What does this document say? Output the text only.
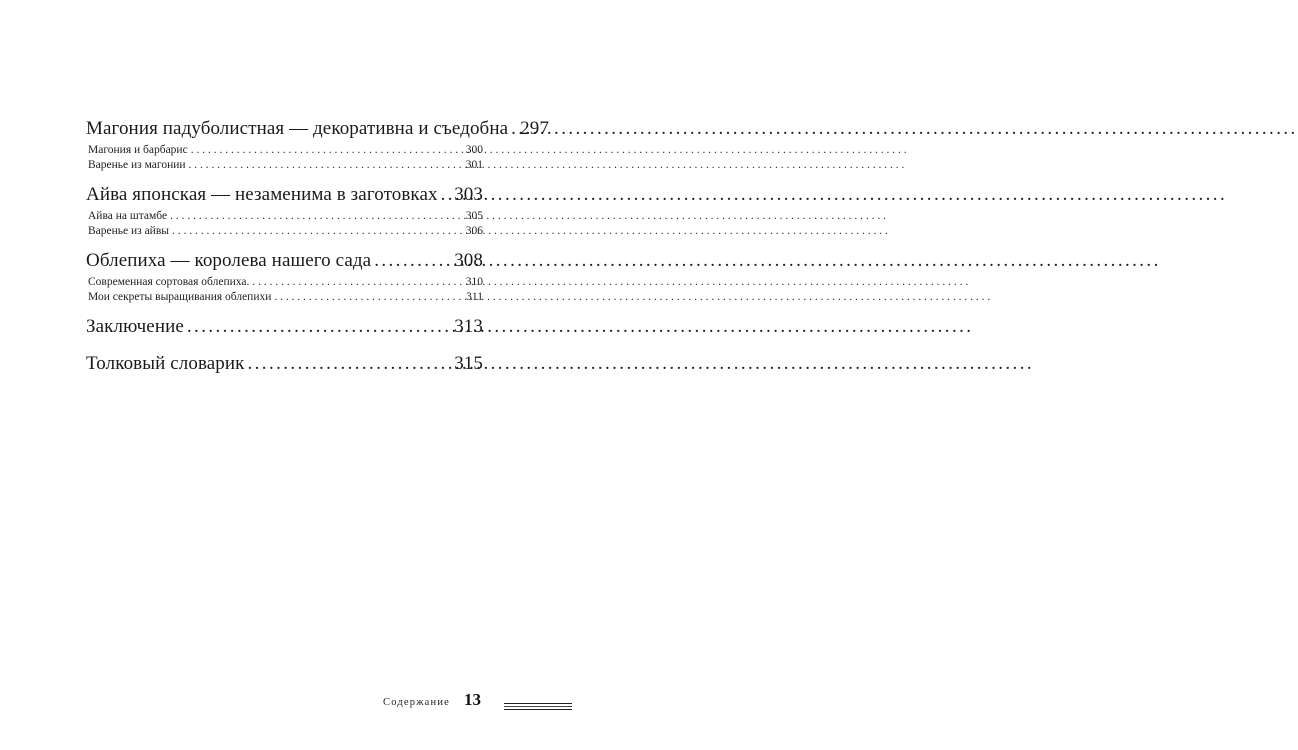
Магония падуболистная — декоративна и съедобна ..... 297
Магония и барбарис . . .	300
Варенье из магонии . . .	301
Айва японская — незаменима в заготовках ..... 303
Айва на штамбе . . .	305
Варенье из айвы . . .	306
Облепиха — королева нашего сада .....	308
Современная сортовая облепиха. . . .	310
Мои секреты выращивания облепихи . . .	311
Заключение .....	313
Толковый словарик .....	315
Содержание 13
